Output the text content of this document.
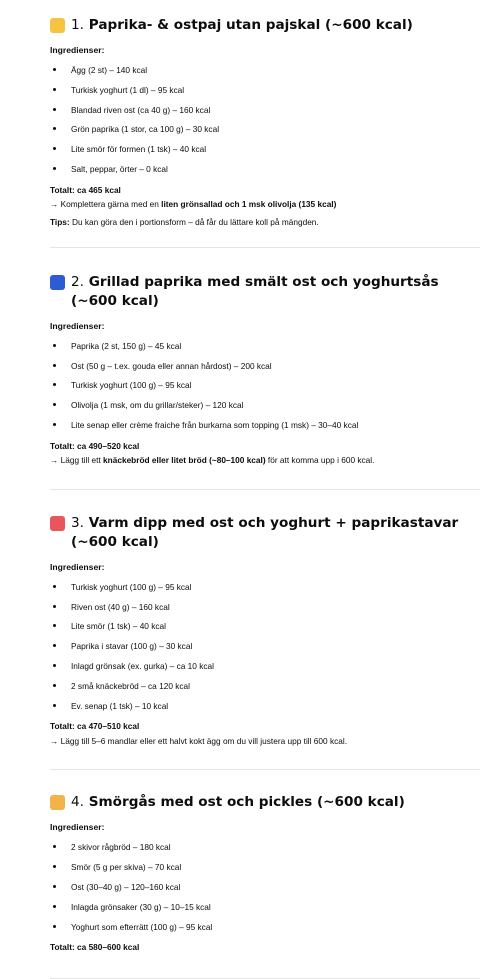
1. Paprika- & ostpaj utan pajskal (~600 kcal)

Ingredienser:

Ägg (2 st) – 140 kcal
Turkisk yoghurt (1 dl) – 95 kcal
Blandad riven ost (ca 40 g) – 160 kcal
Grön paprika (1 stor, ca 100 g) – 30 kcal
Lite smör för formen (1 tsk) – 40 kcal
Salt, peppar, örter – 0 kcal

Totalt: ca 465 kcal
→ Komplettera gärna med en liten grönsallad och 1 msk olivolja (135 kcal)

Tips: Du kan göra den i portionsform – då får du lättare koll på mängden.

2. Grillad paprika med smält ost och yoghurtsås (~600 kcal)

Ingredienser:

Paprika (2 st, 150 g) – 45 kcal
Ost (50 g – t.ex. gouda eller annan hårdost) – 200 kcal
Turkisk yoghurt (100 g) – 95 kcal
Olivolja (1 msk, om du grillar/steker) – 120 kcal
Lite senap eller crème fraiche från burkarna som topping (1 msk) – 30–40 kcal

Totalt: ca 490–520 kcal
→ Lägg till ett knäckebröd eller litet bröd (~80–100 kcal) för att komma upp i 600 kcal.

3. Varm dipp med ost och yoghurt + paprikastavar (~600 kcal)

Ingredienser:

Turkisk yoghurt (100 g) – 95 kcal
Riven ost (40 g) – 160 kcal
Lite smör (1 tsk) – 40 kcal
Paprika i stavar (100 g) – 30 kcal
Inlagd grönsak (ex. gurka) – ca 10 kcal
2 små knäckebröd – ca 120 kcal
Ev. senap (1 tsk) – 10 kcal

Totalt: ca 470–510 kcal
→ Lägg till 5–6 mandlar eller ett halvt kokt ägg om du vill justera upp till 600 kcal.

4. Smörgås med ost och pickles (~600 kcal)

Ingredienser:

2 skivor rågbröd – 180 kcal
Smör (5 g per skiva) – 70 kcal
Ost (30–40 g) – 120–160 kcal
Inlagda grönsaker (30 g) – 10–15 kcal
Yoghurt som efterrätt (100 g) – 95 kcal

Totalt: ca 580–600 kcal
